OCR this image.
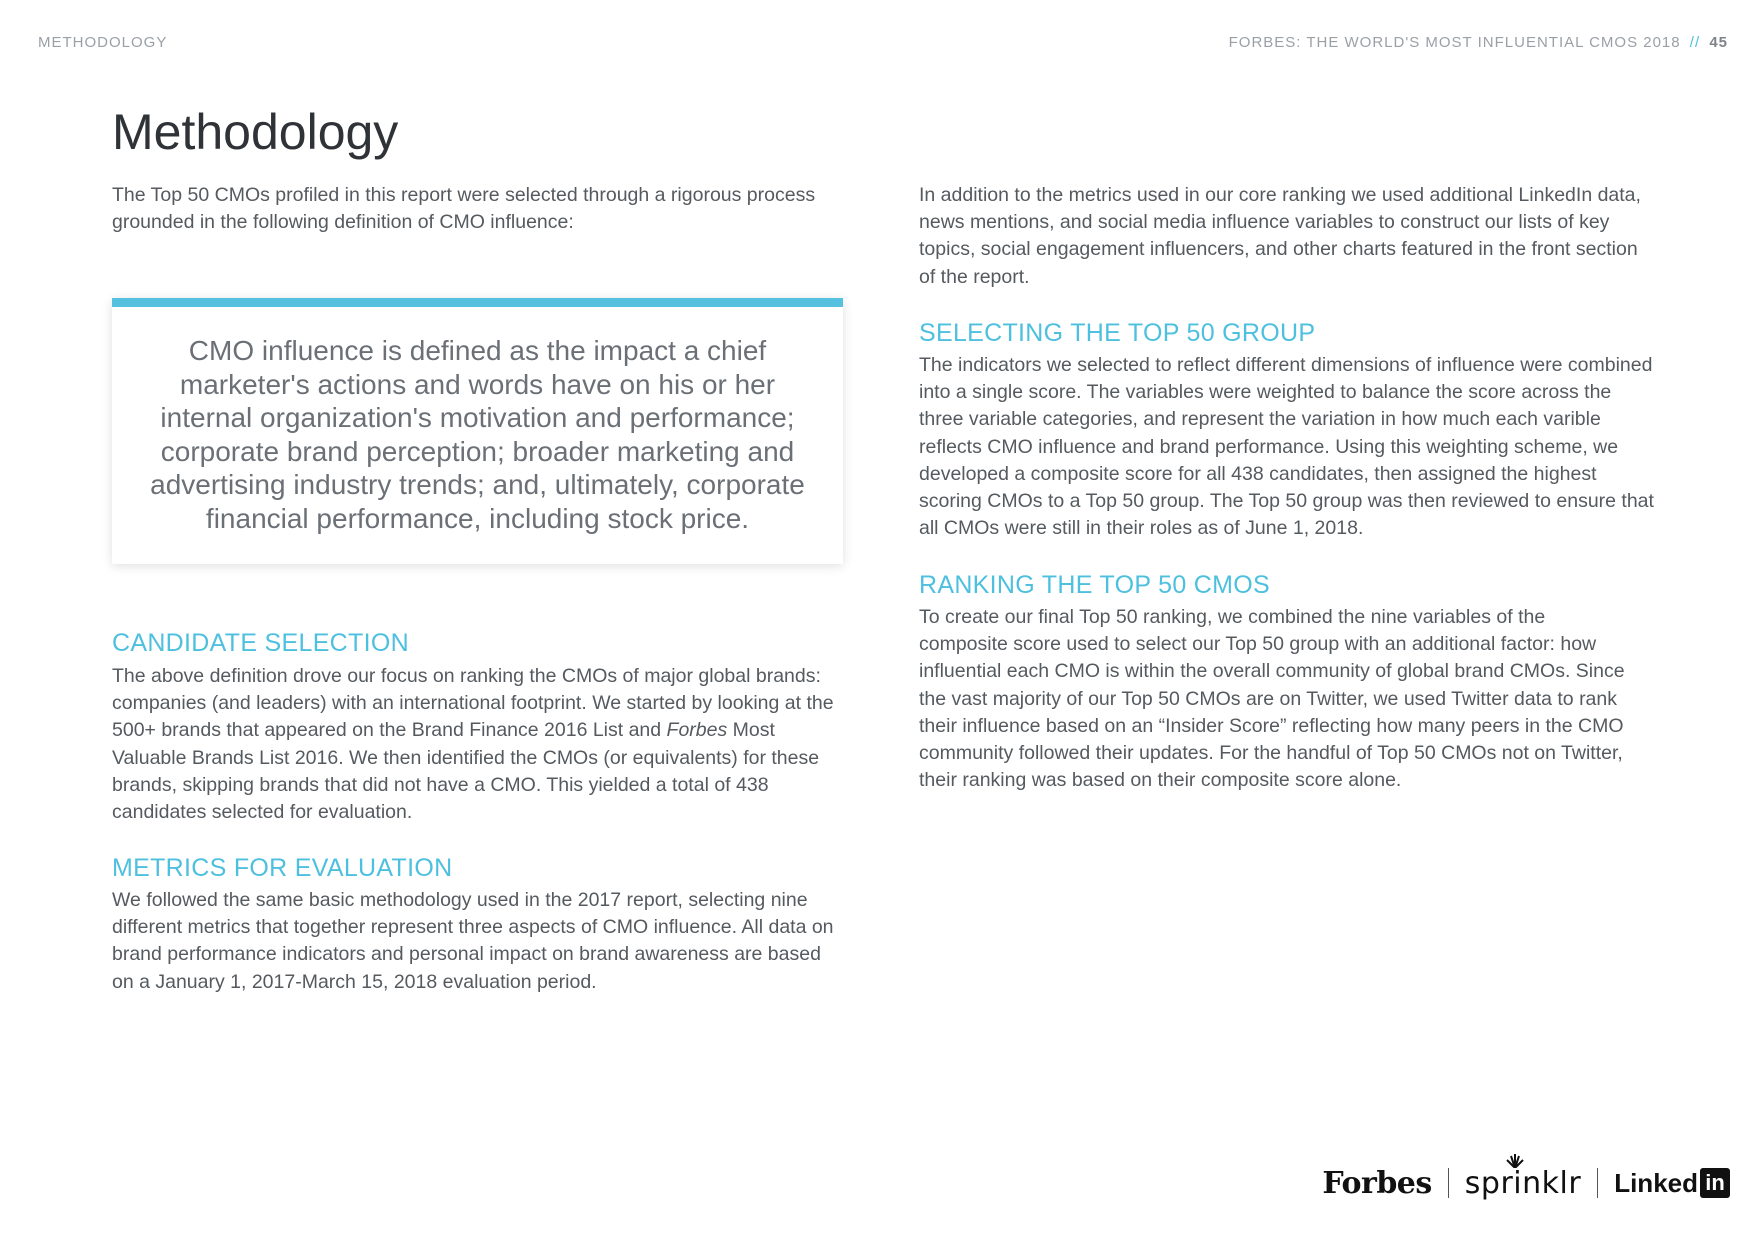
METHODOLOGY	FORBES: THE WORLD'S MOST INFLUENTIAL CMOS 2018 // 45
Methodology

The Top 50 CMOs profiled in this report were selected through a rigorous process grounded in the following definition of CMO influence:

CMO influence is defined as the impact a chief marketer's actions and words have on his or her internal organization's motivation and performance; corporate brand perception; broader marketing and advertising industry trends; and, ultimately, corporate financial performance, including stock price.
CANDIDATE SELECTION

The above definition drove our focus on ranking the CMOs of major global brands: companies (and leaders) with an international footprint. We started by looking at the 500+ brands that appeared on the Brand Finance 2016 List and Forbes Most Valuable Brands List 2016. We then identified the CMOs (or equivalents) for these brands, skipping brands that did not have a CMO. This yielded a total of 438 candidates selected for evaluation.

METRICS FOR EVALUATION

We followed the same basic methodology used in the 2017 report, selecting nine different metrics that together represent three aspects of CMO influence. All data on brand performance indicators and personal impact on brand awareness are based on a January 1, 2017-March 15, 2018 evaluation period.

In addition to the metrics used in our core ranking we used additional LinkedIn data, news mentions, and social media influence variables to construct our lists of key topics, social engagement influencers, and other charts featured in the front section of the report.

SELECTING THE TOP 50 GROUP

The indicators we selected to reflect different dimensions of influence were combined into a single score. The variables were weighted to balance the score across the three variable categories, and represent the variation in how much each varible reflects CMO influence and brand performance. Using this weighting scheme, we developed a composite score for all 438 candidates, then assigned the highest scoring CMOs to a Top 50 group. The Top 50 group was then reviewed to ensure that all CMOs were still in their roles as of June 1, 2018.

RANKING THE TOP 50 CMOS

To create our final Top 50 ranking, we combined the nine variables of the composite score used to select our Top 50 group with an additional factor: how influential each CMO is within the overall community of global brand CMOs. Since the vast majority of our Top 50 CMOs are on Twitter, we used Twitter data to rank their influence based on an “Insider Score” reflecting how many peers in the CMO community followed their updates. For the handful of Top 50 CMOs not on Twitter, their ranking was based on their composite score alone.

Forbes sprinklr Linked in
